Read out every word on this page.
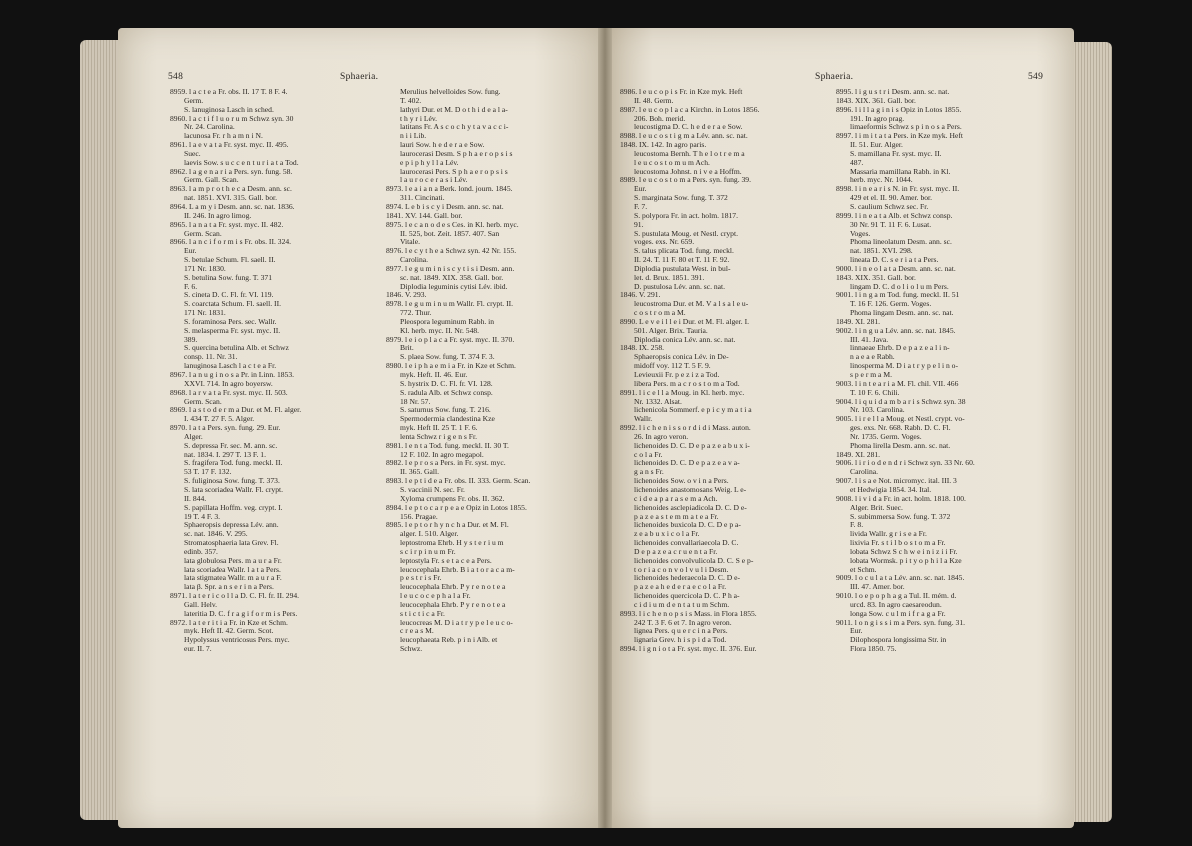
548	Sphaeria.	Sphaeria.	549
8959. l a c t e a Fr. obs. II. 17 T. 8 F. 4.
Germ.
S. lanuginosa Lasch in sched.
8960. l a c t i f l u o r u m Schwz syn. 30
Nr. 24. Carolina.
lacunosa Fr. r h a m n i N.
8961. l a e v a t a Fr. syst. myc. II. 495.
Suec.
laevis Sow. s u c c e n t u r i a t a Tod.
8962. l a g e n a r i a Pers. syn. fung. 58.
Germ. Gall. Scan.
8963. l a m p r o t h e c a Desm. ann. sc.
nat. 1851. XVI. 315. Gall. bor.
8964. L a m y i Desm. ann. sc. nat. 1836.
II. 246. In agro limog.
8965. l a n a t a Fr. syst. myc. II. 482.
Germ. Scan.
8966. l a n c i f o r m i s Fr. obs. II. 324.
Eur.
S. betulae Schum. Fl. saell. II.
171 Nr. 1830.
S. betulina Sow. fung. T. 371
F. 6.
S. cineta D. C. Fl. fr. VI. 119.
S. coarctata Schum. Fl. saell. II.
171 Nr. 1831.
S. foraminosa Pers. sec. Wallr.
S. melasperma Fr. syst. myc. II.
389.
S. quercina betulina Alb. et Schwz
consp. 11. Nr. 31.
lanuginosa Lasch l a c t e a Fr.
8967. l a n u g i n o s a Pr. in Linn. 1853.
XXVI. 714. In agro boyersw.
8968. l a r v a t a Fr. syst. myc. II. 503.
Germ. Scan.
8969. l a s t o d e r m a Dur. et M. Fl. alger.
I. 434 T. 27 F. 5. Alger.
8970. l a t a Pers. syn. fung. 29. Eur.
Alger.
S. depressa Fr. sec. M. ann. sc.
nat. 1834. I. 297 T. 13 F. 1.
S. fragifera Tod. fung. meckl. II.
53 T. 17 F. 132.
S. fuliginosa Sow. fung. T. 373.
S. lata scoriadea Wallr. Fl. crypt.
II. 844.
S. papillata Hoffm. veg. crypt. I.
19 T. 4 F. 3.
Sphaeropsis depressa Lév. ann.
sc. nat. 1846. V. 295.
Stromatosphaeria lata Grev. Fl.
edinb. 357.
lata globulosa Pers. m a u r a Fr.
lata scoriadea Wallr. l a t a Pers.
lata stigmatea Wallr. m a u r a F.
lata β. Spr. a n s e r i n a Pers.
8971. l a t e r i c o l l a D. C. Fl. fr. II. 294.
Gall. Helv.
lateritia D. C. f r a g i f o r m i s Pers.
8972. l a t e r i t i a Fr. in Kze et Schm.
myk. Heft II. 42. Germ. Scot.
Hypolyssus ventricosus Pers. myc.
eur. II. 7.
Merulius helvelloides Sow. fung.
T. 402.
lathyri Dur. et M. D o t h i d e a l a-
t h y r i Lév.
latitans Fr. A s c o c h y t a v a c c i-
n i i Lib.
lauri Sow. h e d e r a e Sow.
laurocerasi Desm. S p h a e r o p s i s
e p i p h y l l a Lév.
laurocerasi Pers. S p h a e r o p s i s
l a u r o c e r a s i Lév.
8973. l e a i a n a Berk. lond. journ. 1845.
311. Cincinati.
8974. L e b i s c y i Desm. ann. sc. nat.
1841. XV. 144. Gall. bor.
8975. l e c a n o d e s Ces. in Kl. herb. myc.
II. 525, bot. Zeit. 1857. 407. San
Vitale.
8976. l e c y t h e a Schwz syn. 42 Nr. 155.
Carolina.
8977. l e g u m i n i s c y t i s i Desm. ann.
sc. nat. 1849. XIX. 358. Gall. bor.
Diplodia leguminis cytisi Lév. ibid.
1846. V. 293.
8978. l e g u m i n u m Wallr. Fl. crypt. II.
772. Thur.
Pleospora leguminum Rabh. in
Kl. herb. myc. II. Nr. 548.
8979. l e i o p l a c a Fr. syst. myc. II. 370.
Brit.
S. plaea Sow. fung. T. 374 F. 3.
8980. l e i p h a e m i a Fr. in Kze et Schm.
myk. Heft. II. 46. Eur.
S. hystrix D. C. Fl. fr. VI. 128.
S. radula Alb. et Schwz consp.
18 Nr. 57.
S. saturnus Sow. fung. T. 216.
Spermodermia clandestina Kze
myk. Heft II. 25 T. 1 F. 6.
lenta Schwz r i g e n s Fr.
8981. l e n t a Tod. fung. meckl. II. 30 T.
12 F. 102. In agro megapol.
8982. l e p r o s a Pers. in Fr. syst. myc.
II. 365. Gall.
8983. l e p t i d e a Fr. obs. II. 333. Germ. Scan.
S. vaccinii N. sec. Fr.
Xyloma crumpens Fr. obs. II. 362.
8984. l e p t o c a r p e a e Opiz in Lotos 1855.
156. Pragae.
8985. l e p t o r h y n c h a Dur. et M. Fl.
alger. I. 510. Alger.
leptostroma Ehrb. H y s t e r i u m
s c i r p i n u m Fr.
leptostyla Fr. s e t a c e a Pers.
leucocephala Ehrb. B i a t o r a c a m-
p e s t r i s Fr.
leucocephala Ehrb. P y r e n o t e a
l e u c o c e p h a l a Fr.
leucocephala Ehrb. P y r e n o t e a
s t i c t i c a Fr.
leucocreas M. D i a t r y p e l e u c o-
c r e a s M.
leucophaeata Reb. p i n i Alb. et
Schwz.
8986. l e u c o p i s Fr. in Kze myk. Heft
II. 48. Germ.
8987. l e u c o p l a c a Kirchn. in Lotos 1856.
206. Boh. merid.
leucostigma D. C. h e d e r a e Sow.
8988. l e u c o s t i g m a Lév. ann. sc. nat.
1848. IX. 142. In agro paris.
leucostoma Bernh. T h e l o t r e m a
l e u c o s t o m u m Ach.
leucostoma Johnst. n i v e a Hoffm.
8989. l e u c o s t o m a Pers. syn. fung. 39.
Eur.
S. marginata Sow. fung. T. 372
F. 7.
S. polypora Fr. in act. holm. 1817.
91.
S. pustulata Moug. et Nestl. crypt.
voges. exs. Nr. 659.
S. talus plicata Tod. fung. meckl.
II. 24. T. 11 F. 80 et T. 11 F. 92.
Diplodia pustulata West. in bul-
let. d. Brux. 1851. 391.
D. pustulosa Lév. ann. sc. nat.
1846. V. 291.
leucostroma Dur. et M. V a l s a l e u-
c o s t r o m a M.
8990. L e v e i l l e i Dur. et M. Fl. alger. I.
501. Alger. Brix. Tauria.
Diplodia conica Lév. ann. sc. nat.
1848. IX. 258.
Sphaeropsis conica Lév. in De-
midoff voy. 112 T. 5 F. 9.
Levieuxii Fr. p e z i z a Tod.
libera Pers. m a c r o s t o m a Tod.
8991. l i c e l l a Moug. in Kl. herb. myc.
Nr. 1332. Alsat.
lichenicola Sommerf. e p i c y m a t i a
Wallr.
8992. l i c h e n i s s o r d i d i Mass. auton.
26. In agro veron.
lichenoides D. C. D e p a z e a b u x i-
c o l a Fr.
lichenoides D. C. D e p a z e a v a-
g a n s Fr.
lichenoides Sow. o v i n a Pers.
lichenoides anastomosans Weig. L e-
c i d e a p a r a s e m a Ach.
lichenoides asclepiadicola D. C. D e-
p a z e a s t e m m a t e a Fr.
lichenoides buxicola D. C. D e p a-
z e a b u x i c o l a Fr.
lichenoides convallariaecola D. C.
D e p a z e a c r u e n t a Fr.
lichenoides convolvulicola D. C. S e p-
t o r i a c o n v o l v u l i Desm.
lichenoides hederaecola D. C. D e-
p a z e a h e d e r a e c o l a Fr.
lichenoides quercicola D. C. P h a-
c i d i u m d e n t a t u m Schm.
8993. l i c h e n o p s i s Mass. in Flora 1855.
242 T. 3 F. 6 et 7. In agro veron.
lignea Pers. q u e r c i n a Pers.
lignaria Grev. h i s p i d a Tod.
8994. l i g n i o t a Fr. syst. myc. II. 376. Eur.
8995. l i g u s t r i Desm. ann. sc. nat.
1843. XIX. 361. Gall. bor.
8996. l i l l a g i n i s Opiz in Lotos 1855.
191. In agro prag.
limaeformis Schwz s p i n o s a Pers.
8997. l i m i t a t a Pers. in Kze myk. Heft
II. 51. Eur. Alger.
S. mamillana Fr. syst. myc. II.
487.
Massaria mamillana Rabh. in Kl.
herb. myc. Nr. 1044.
8998. l i n e a r i s N. in Fr. syst. myc. II.
429 et el. II. 90. Amer. bor.
S. caulium Schwz sec. Fr.
8999. l i n e a t a Alb. et Schwz consp.
30 Nr. 91 T. 11 F. 6. Lusat.
Voges.
Phoma lineolatum Desm. ann. sc.
nat. 1851. XVI. 298.
lineata D. C. s e r i a t a Pers.
9000. l i n e o l a t a Desm. ann. sc. nat.
1843. XIX. 351. Gall. bor.
lingam D. C. d o l i o l u m Pers.
9001. l i n g a m Tod. fung. meckl. II. 51
T. 16 F. 126. Germ. Voges.
Phoma lingam Desm. ann. sc. nat.
1849. XI. 281.
9002. l i n g u a Lév. ann. sc. nat. 1845.
III. 41. Java.
linnaeae Ehrb. D e p a z e a l i n-
n a e a e Rabh.
linosperma M. D i a t r y p e l i n o-
s p e r m a M.
9003. l i n t e a r i a M. Fl. chil. VII. 466
T. 10 F. 6. Chili.
9004. l i q u i d a m b a r i s Schwz syn. 38
Nr. 103. Carolina.
9005. l i r e l l a Moug. et Nestl. crypt. vo-
ges. exs. Nr. 668. Rabh. D. C. Fl.
Nr. 1735. Germ. Voges.
Phoma lirella Desm. ann. sc. nat.
1849. XI. 281.
9006. l i r i o d e n d r i Schwz syn. 33 Nr. 60.
Carolina.
9007. l i s a e Not. micromyc. ital. III. 3
et Hedwigia 1854. 34. Ital.
9008. l i v i d a Fr. in act. holm. 1818. 100.
Alger. Brit. Suec.
S. subimmersa Sow. fung. T. 372
F. 8.
livida Wallr. g r i s e a Fr.
lixivia Fr. s t i l b o s t o m a Fr.
lobata Schwz S c h w e i n i z i i Fr.
lobata Wormsk. p i t y o p h i l a Kze
et Schm.
9009. l o c u l a t a Lév. ann. sc. nat. 1845.
III. 47. Amer. bor.
9010. l o e p o p h a g a Tul. II. mém. d.
urcd. 83. In agro caesareodun.
longa Sow. c u l m i f r a g a Fr.
9011. l o n g i s s i m a Pers. syn. fung. 31.
Eur.
Dilophospora longissima Str. in
Flora 1850. 75.
